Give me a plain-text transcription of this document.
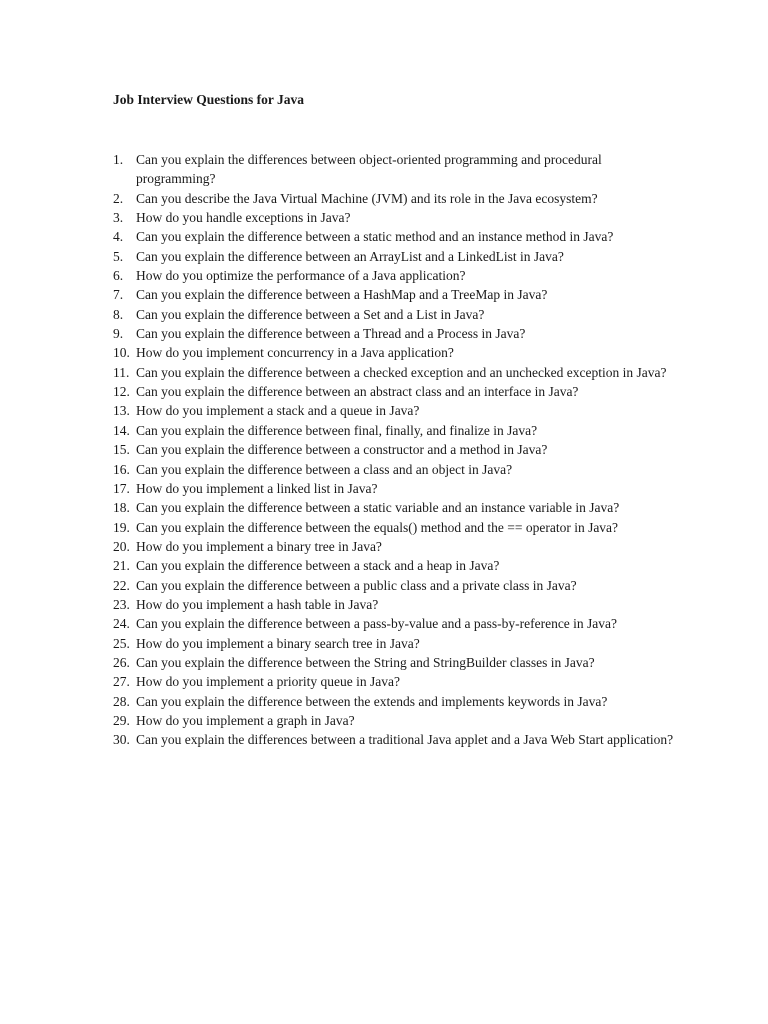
Job Interview Questions for Java
1. Can you explain the differences between object-oriented programming and procedural programming?
2. Can you describe the Java Virtual Machine (JVM) and its role in the Java ecosystem?
3. How do you handle exceptions in Java?
4. Can you explain the difference between a static method and an instance method in Java?
5. Can you explain the difference between an ArrayList and a LinkedList in Java?
6. How do you optimize the performance of a Java application?
7. Can you explain the difference between a HashMap and a TreeMap in Java?
8. Can you explain the difference between a Set and a List in Java?
9. Can you explain the difference between a Thread and a Process in Java?
10. How do you implement concurrency in a Java application?
11. Can you explain the difference between a checked exception and an unchecked exception in Java?
12. Can you explain the difference between an abstract class and an interface in Java?
13. How do you implement a stack and a queue in Java?
14. Can you explain the difference between final, finally, and finalize in Java?
15. Can you explain the difference between a constructor and a method in Java?
16. Can you explain the difference between a class and an object in Java?
17. How do you implement a linked list in Java?
18. Can you explain the difference between a static variable and an instance variable in Java?
19. Can you explain the difference between the equals() method and the == operator in Java?
20. How do you implement a binary tree in Java?
21. Can you explain the difference between a stack and a heap in Java?
22. Can you explain the difference between a public class and a private class in Java?
23. How do you implement a hash table in Java?
24. Can you explain the difference between a pass-by-value and a pass-by-reference in Java?
25. How do you implement a binary search tree in Java?
26. Can you explain the difference between the String and StringBuilder classes in Java?
27. How do you implement a priority queue in Java?
28. Can you explain the difference between the extends and implements keywords in Java?
29. How do you implement a graph in Java?
30. Can you explain the differences between a traditional Java applet and a Java Web Start application?
